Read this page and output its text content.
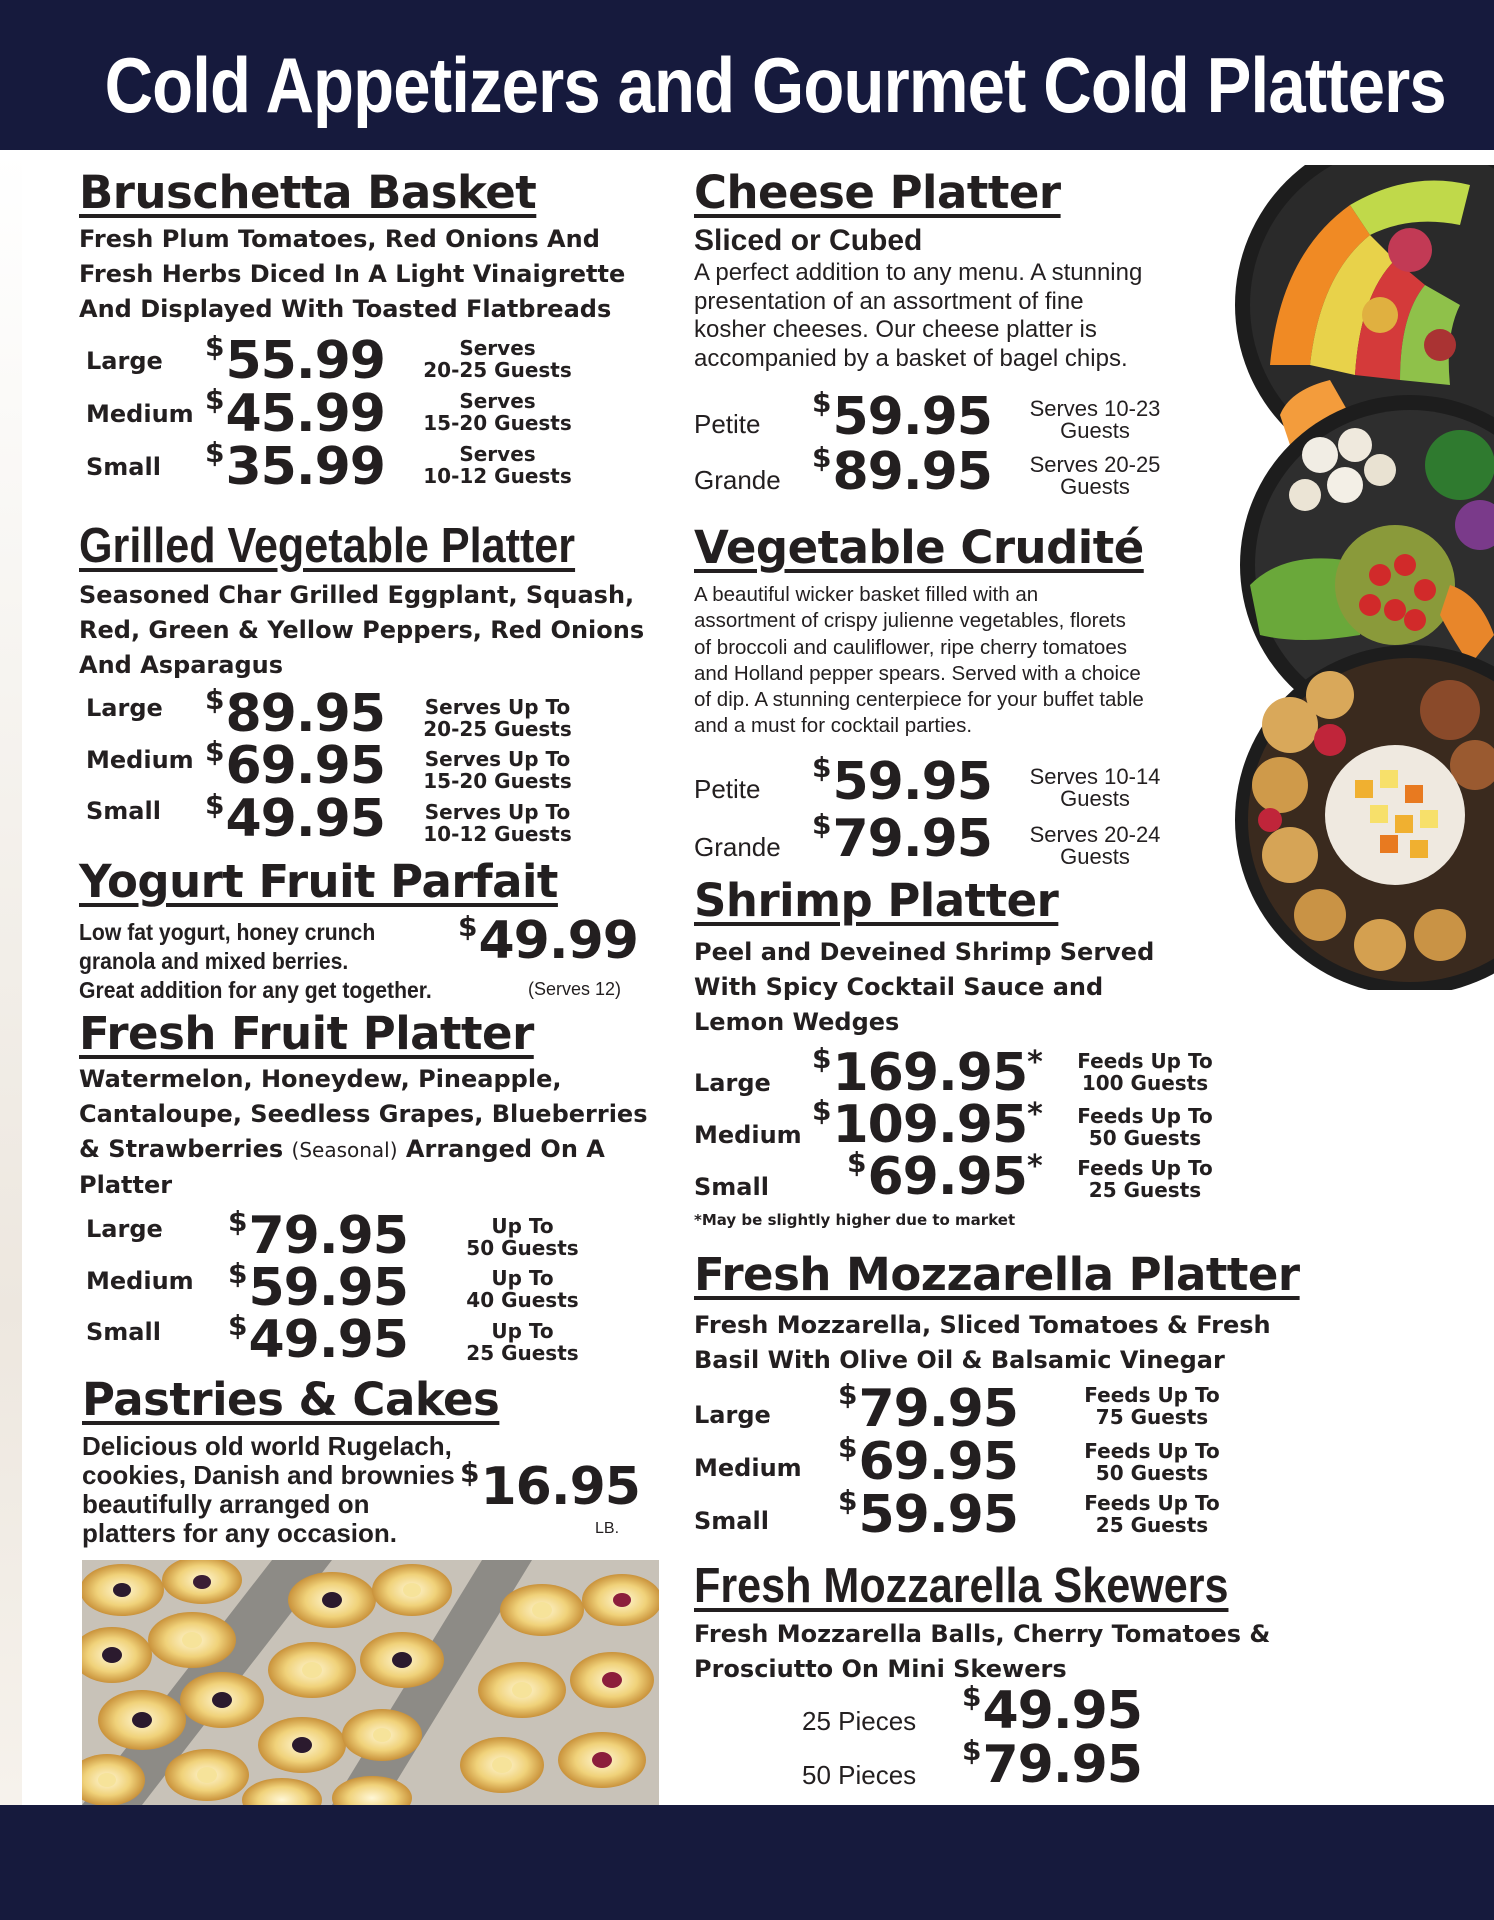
Cold Appetizers and Gourmet Cold Platters
Bruschetta Basket
Fresh Plum Tomatoes, Red Onions And Fresh Herbs Diced In A Light Vinaigrette And Displayed With Toasted Flatbreads
Large $55.99	Serves
20-25 Guests
Medium $45.99	Serves
15-20 Guests
Small $35.99	Serves
10-12 Guests
Grilled Vegetable Platter
Seasoned Char Grilled Eggplant, Squash, Red, Green & Yellow Peppers, Red Onions And Asparagus
Large $89.95	Serves Up To
20-25 Guests
Medium $69.95	Serves Up To
15-20 Guests
Small $49.95	Serves Up To
10-12 Guests
Yogurt Fruit Parfait
Low fat yogurt, honey crunch
granola and mixed berries.
Great addition for any get together.
$49.99
(Serves 12)
Fresh Fruit Platter
Watermelon, Honeydew, Pineapple, Cantaloupe, Seedless Grapes, Blueberries & Strawberries (Seasonal) Arranged On A Platter
Large $79.95	Up To
50 Guests
Medium $59.95	Up To
40 Guests
Small $49.95	Up To
25 Guests
Pastries & Cakes
Delicious old world Rugelach,
cookies, Danish and brownies
beautifully arranged on
platters for any occasion.
$16.95
LB.
Cheese Platter
Sliced or Cubed
A perfect addition to any menu. A stunning
presentation of an assortment of fine
kosher cheeses. Our cheese platter is
accompanied by a basket of bagel chips.
Petite
$59.95	Serves 10-23
Guests
Grande
$89.95	Serves 20-25
Guests
Vegetable Crudité
A beautiful wicker basket filled with an
assortment of crispy julienne vegetables, florets
of broccoli and cauliflower, ripe cherry tomatoes
and Holland pepper spears. Served with a choice
of dip. A stunning centerpiece for your buffet table
and a must for cocktail parties.
Petite
$59.95	Serves 10-14
Guests
Grande
$79.95	Serves 20-24
Guests
Shrimp Platter
Peel and Deveined Shrimp Served With Spicy Cocktail Sauce and Lemon Wedges
Large
$169.95*	Feeds Up To
100 Guests
Medium
$109.95*	Feeds Up To
50 Guests
Small
$69.95*	Feeds Up To
25 Guests
*May be slightly higher due to market
Fresh Mozzarella Platter
Fresh Mozzarella, Sliced Tomatoes & Fresh Basil With Olive Oil & Balsamic Vinegar
Large
$79.95	Feeds Up To
75 Guests
Medium
$69.95	Feeds Up To
50 Guests
Small
$59.95	Feeds Up To
25 Guests
Fresh Mozzarella Skewers
Fresh Mozzarella Balls, Cherry Tomatoes & Prosciutto On Mini Skewers
25 Pieces
$49.95
50 Pieces
$79.95
